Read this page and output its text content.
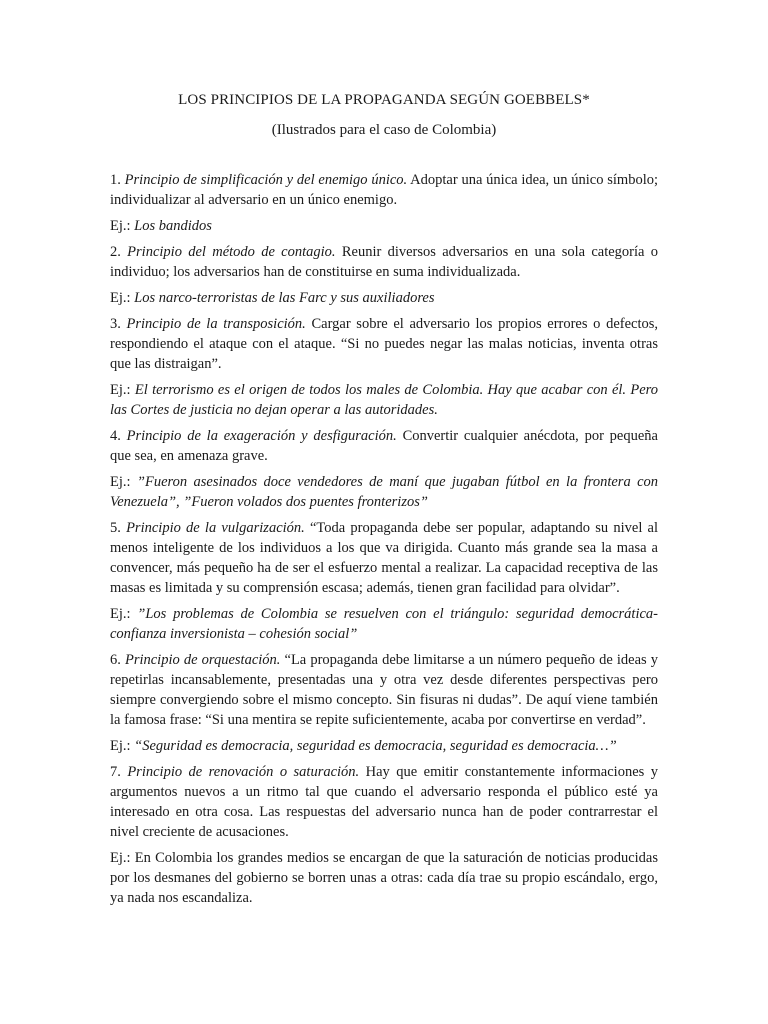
LOS PRINCIPIOS DE LA PROPAGANDA SEGÚN GOEBBELS*
(Ilustrados para el caso de Colombia)

1. Principio de simplificación y del enemigo único. Adoptar una única idea, un único símbolo; individualizar al adversario en un único enemigo.

Ej.: Los bandidos

2. Principio del método de contagio. Reunir diversos adversarios en una sola categoría o individuo; los adversarios han de constituirse en suma individualizada.

Ej.: Los narco-terroristas de las Farc y sus auxiliadores

3. Principio de la transposición. Cargar sobre el adversario los propios errores o defectos, respondiendo el ataque con el ataque. “Si no puedes negar las malas noticias, inventa otras que las distraigan”.

Ej.: El terrorismo es el origen de todos los males de Colombia. Hay que acabar con él. Pero las Cortes de justicia no dejan operar a las autoridades.

4. Principio de la exageración y desfiguración. Convertir cualquier anécdota, por pequeña que sea, en amenaza grave.

Ej.: ”Fueron asesinados doce vendedores de maní que jugaban fútbol en la frontera con Venezuela”, ”Fueron volados dos puentes fronterizos”

5. Principio de la vulgarización. “Toda propaganda debe ser popular, adaptando su nivel al menos inteligente de los individuos a los que va dirigida. Cuanto más grande sea la masa a convencer, más pequeño ha de ser el esfuerzo mental a realizar. La capacidad receptiva de las masas es limitada y su comprensión escasa; además, tienen gran facilidad para olvidar”.

Ej.: ”Los problemas de Colombia se resuelven con el triángulo: seguridad democrática- confianza inversionista – cohesión social”

6. Principio de orquestación. “La propaganda debe limitarse a un número pequeño de ideas y repetirlas incansablemente, presentadas una y otra vez desde diferentes perspectivas pero siempre convergiendo sobre el mismo concepto. Sin fisuras ni dudas”. De aquí viene también la famosa frase: “Si una mentira se repite suficientemente, acaba por convertirse en verdad”.

Ej.: “Seguridad es democracia, seguridad es democracia, seguridad es democracia…”

7. Principio de renovación o saturación. Hay que emitir constantemente informaciones y argumentos nuevos a un ritmo tal que cuando el adversario responda el público esté ya interesado en otra cosa. Las respuestas del adversario nunca han de poder contrarrestar el nivel creciente de acusaciones.

Ej.: En Colombia los grandes medios se encargan de que la saturación de noticias producidas por los desmanes del gobierno se borren unas a otras: cada día trae su propio escándalo, ergo, ya nada nos escandaliza.
